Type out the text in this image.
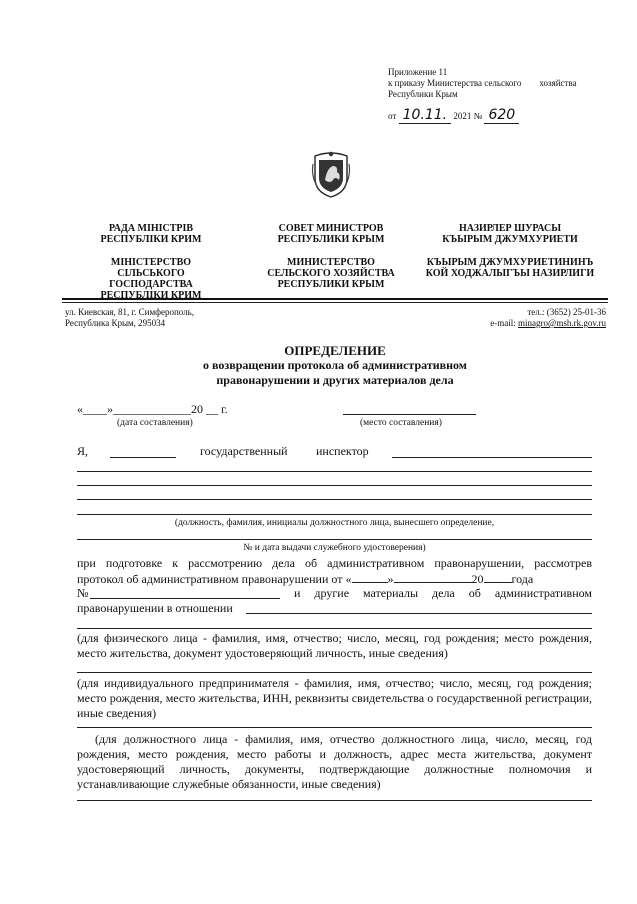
Приложение 11
к приказу Министерства сельского хозяйства
Республики Крым
от 10.11. 2021 № 620
РАДА МІНІСТРІВ
РЕСПУБЛІКИ КРИМ
МІНІСТЕРСТВО
СІЛЬСЬКОГО
ГОСПОДАРСТВА
РЕСПУБЛІКИ КРИМ
СОВЕТ МИНИСТРОВ
РЕСПУБЛИКИ КРЫМ
МИНИСТЕРСТВО
СЕЛЬСКОГО ХОЗЯЙСТВА
РЕСПУБЛИКИ КРЫМ
НАЗИРЛЕР ШУРАСЫ
КЪЫРЫМ ДЖУМХУРИЕТИ
КЪЫРЫМ ДЖУМХУРИЕТИНИНЪ
КОЙ ХОДЖАЛЫГЪЫ НАЗИРЛИГИ
ул. Киевская, 81, г. Симферополь,
Республика Крым, 295034
тел.: (3652) 25-01-36
e-mail: minagro@msh.rk.gov.ru
ОПРЕДЕЛЕНИЕ
о возвращении протокола об административном
правонарушении и других материалов дела
«____»_____________20 __ г.
(дата составления)	(место составления)
Я,	государственный инспектор
(должность, фамилия, инициалы должностного лица, вынесшего определение,
№ и дата выдачи служебного удостоверения)
при подготовке к рассмотрению дела об административном правонарушении, рассмотрев
протокол об административном правонарушении от «	»	20 года
№	и другие материалы дела об административном
правонарушении в отношении
(для физического лица - фамилия, имя, отчество; число, месяц, год рождения; место рождения, место жительства, документ удостоверяющий личность, иные сведения)
(для индивидуального предпринимателя - фамилия, имя, отчество; число, месяц, год рождения; место рождения, место жительства, ИНН, реквизиты свидетельства о государственной регистрации, иные сведения)
(для должностного лица - фамилия, имя, отчество должностного лица, число, месяц, год рождения, место рождения, место работы и должность, адрес места жительства, документ удостоверяющий личность, документы, подтверждающие должностные полномочия и устанавливающие служебные обязанности, иные сведения)
